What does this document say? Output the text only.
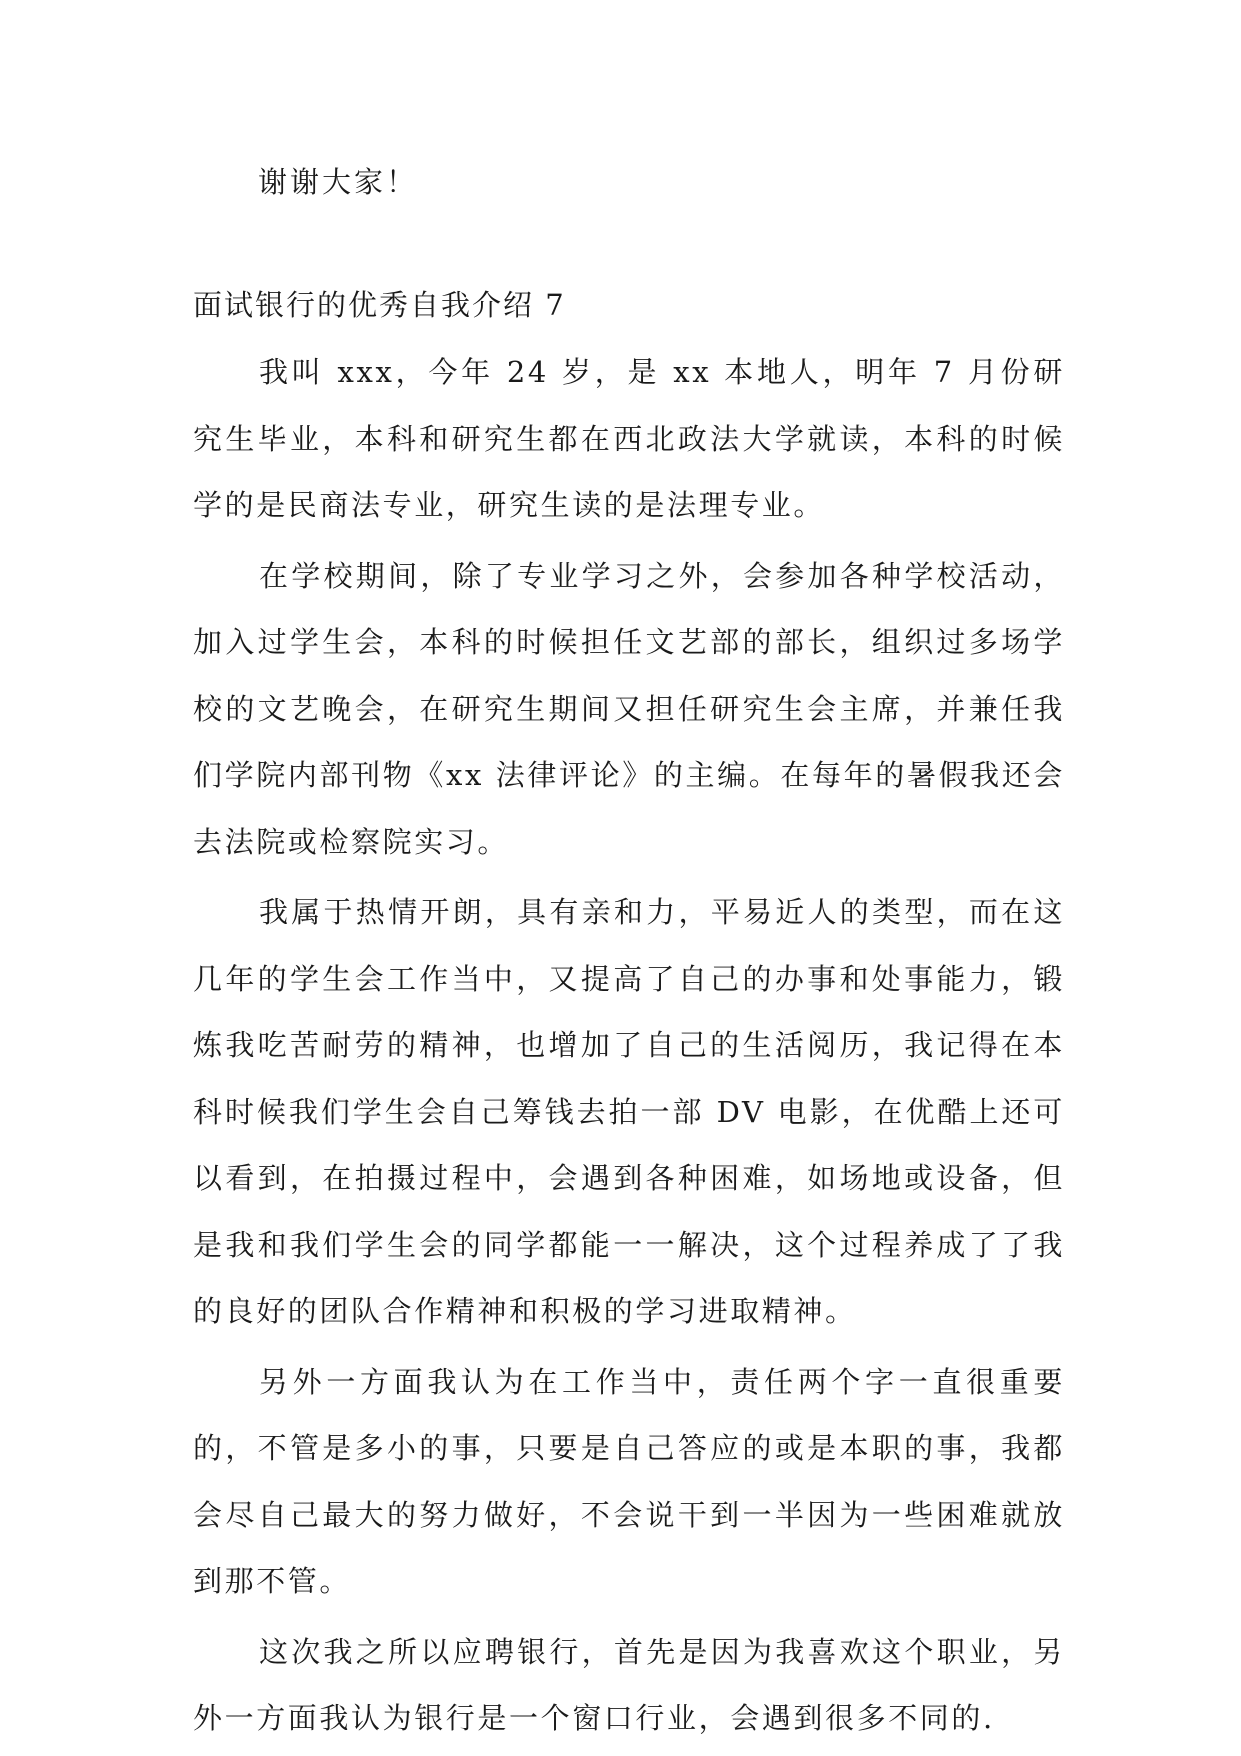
谢谢大家！

面试银行的优秀自我介绍 7

我叫 xxx，今年 24 岁，是 xx 本地人，明年 7 月份研究生毕业，本科和研究生都在西北政法大学就读，本科的时候学的是民商法专业，研究生读的是法理专业。

在学校期间，除了专业学习之外，会参加各种学校活动，加入过学生会，本科的时候担任文艺部的部长，组织过多场学校的文艺晚会，在研究生期间又担任研究生会主席，并兼任我们学院内部刊物《xx 法律评论》的主编。在每年的暑假我还会去法院或检察院实习。

我属于热情开朗，具有亲和力，平易近人的类型，而在这几年的学生会工作当中，又提高了自己的办事和处事能力，锻炼我吃苦耐劳的精神，也增加了自己的生活阅历，我记得在本科时候我们学生会自己筹钱去拍一部 DV 电影，在优酷上还可以看到，在拍摄过程中，会遇到各种困难，如场地或设备，但是我和我们学生会的同学都能一一解决，这个过程养成了了我的良好的团队合作精神和积极的学习进取精神。

另外一方面我认为在工作当中，责任两个字一直很重要的，不管是多小的事，只要是自己答应的或是本职的事，我都会尽自己最大的努力做好，不会说干到一半因为一些困难就放到那不管。

这次我之所以应聘银行，首先是因为我喜欢这个职业，另外一方面我认为银行是一个窗口行业，会遇到很多不同的.
